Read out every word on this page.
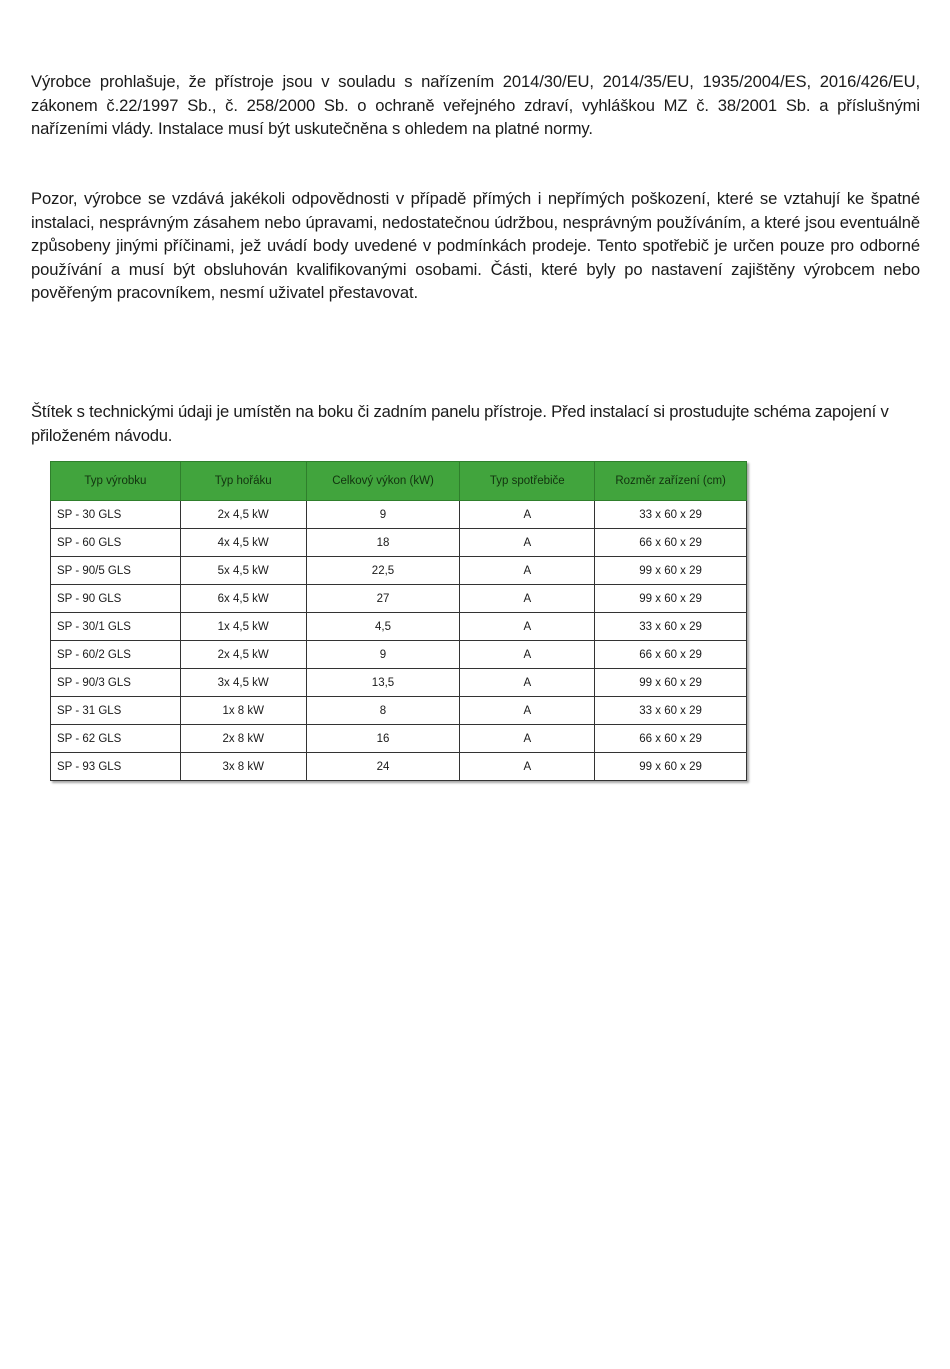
Výrobce prohlašuje, že přístroje jsou v souladu s nařízením 2014/30/EU, 2014/35/EU, 1935/2004/ES, 2016/426/EU, zákonem č.22/1997 Sb., č. 258/2000 Sb. o ochraně veřejného zdraví, vyhláškou MZ č. 38/2001 Sb. a příslušnými nařízeními vlády. Instalace musí být uskutečněna s ohledem na platné normy.

Pozor, výrobce se vzdává jakékoli odpovědnosti v případě přímých i nepřímých poškození, které se vztahují ke špatné instalaci, nesprávným zásahem nebo úpravami, nedostatečnou údržbou, nesprávným používáním, a které jsou eventuálně způsobeny jinými příčinami, jež uvádí body uvedené v podmínkách prodeje. Tento spotřebič je určen pouze pro odborné používání a musí být obsluhován kvalifikovanými osobami. Části, které byly po nastavení zajištěny výrobcem nebo pověřeným pracovníkem, nesmí uživatel přestavovat.

Štítek s technickými údaji je umístěn na boku či zadním panelu přístroje. Před instalací si prostudujte schéma zapojení v přiloženém návodu.

Typ výrobku	Typ hořáku	Celkový výkon (kW)	Typ spotřebiče	Rozměr zařízení (cm)
SP - 30 GLS	2x 4,5 kW	9	A	33 x 60 x 29
SP - 60 GLS	4x 4,5 kW	18	A	66 x 60 x 29
SP - 90/5 GLS	5x 4,5 kW	22,5	A	99 x 60 x 29
SP - 90 GLS	6x 4,5 kW	27	A	99 x 60 x 29
SP - 30/1 GLS	1x 4,5 kW	4,5	A	33 x 60 x 29
SP - 60/2 GLS	2x 4,5 kW	9	A	66 x 60 x 29
SP - 90/3 GLS	3x 4,5 kW	13,5	A	99 x 60 x 29
SP - 31 GLS	1x 8 kW	8	A	33 x 60 x 29
SP - 62 GLS	2x 8 kW	16	A	66 x 60 x 29
SP - 93 GLS	3x 8 kW	24	A	99 x 60 x 29
